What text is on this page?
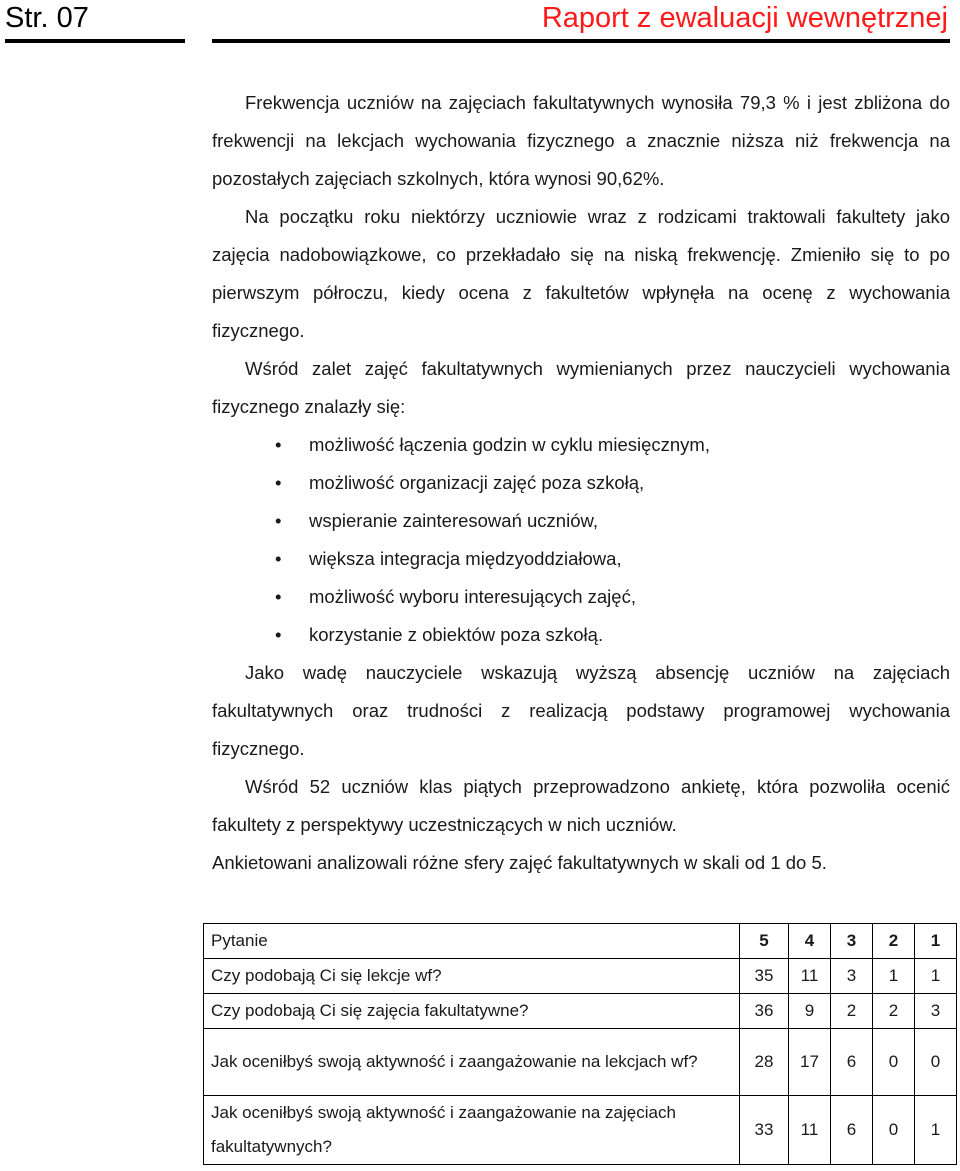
Str. 07	Raport z ewaluacji wewnętrznej

Frekwencja uczniów na zajęciach fakultatywnych wynosiła 79,3 % i jest zbliżona do frekwencji na lekcjach wychowania fizycznego a znacznie niższa niż frekwencja na pozostałych zajęciach szkolnych, która wynosi 90,62%.

Na początku roku niektórzy uczniowie wraz z rodzicami traktowali fakultety jako zajęcia nadobowiązkowe, co przekładało się na niską frekwencję. Zmieniło się to po pierwszym półroczu, kiedy ocena z fakultetów wpłynęła na ocenę z wychowania fizycznego.

Wśród zalet zajęć fakultatywnych wymienianych przez nauczycieli wychowania fizycznego znalazły się:

• możliwość łączenia godzin w cyklu miesięcznym,
• możliwość organizacji zajęć poza szkołą,
• wspieranie zainteresowań uczniów,
• większa integracja międzyoddziałowa,
• możliwość wyboru interesujących zajęć,
• korzystanie z obiektów poza szkołą.

Jako wadę nauczyciele wskazują wyższą absencję uczniów na zajęciach fakultatywnych oraz trudności z realizacją podstawy programowej wychowania fizycznego.

Wśród 52 uczniów klas piątych przeprowadzono ankietę, która pozwoliła ocenić fakultety z perspektywy uczestniczących w nich uczniów.

Ankietowani analizowali różne sfery zajęć fakultatywnych w skali od 1 do 5.

Pytanie	5	4	3	2	1
Czy podobają Ci się lekcje wf?	35	11	3	1	1
Czy podobają Ci się zajęcia fakultatywne?	36	9	2	2	3
Jak oceniłbyś swoją aktywność i zaangażowanie na lekcjach wf?	28	17	6	0	0
Jak oceniłbyś swoją aktywność i zaangażowanie na zajęciach fakultatywnych?	33	11	6	0	1
